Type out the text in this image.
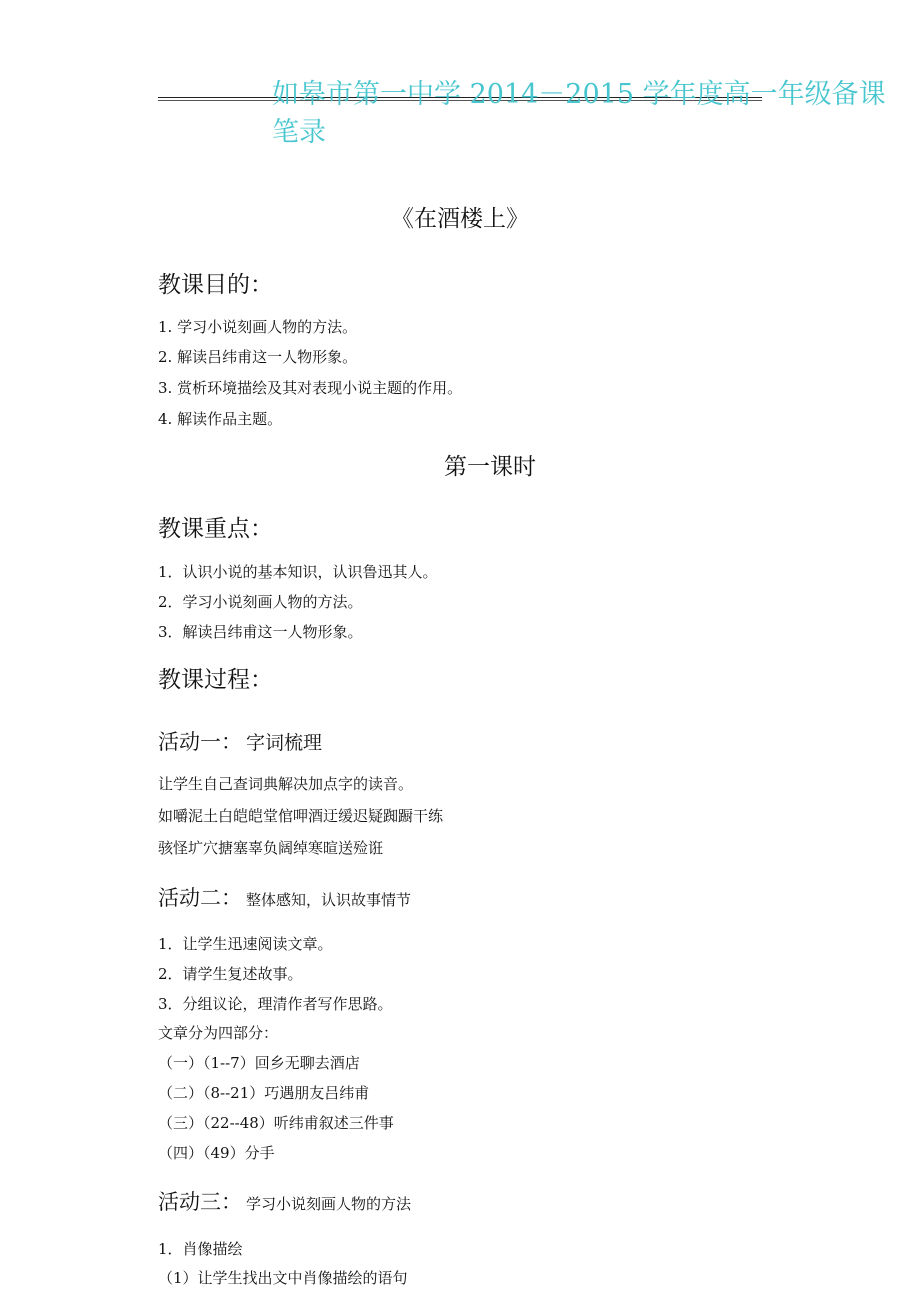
如皋市第一中学 2014－2015 学年度高一年级备课笔录
《在酒楼上》
教课目的：
1. 学习小说刻画人物的方法。
2. 解读吕纬甫这一人物形象。
3. 赏析环境描绘及其对表现小说主题的作用。
4. 解读作品主题。
第一课时
教课重点：
1．认识小说的基本知识，认识鲁迅其人。
2．学习小说刻画人物的方法。
3．解读吕纬甫这一人物形象。
教课过程：
活动一： 字词梳理
让学生自己查词典解决加点字的读音。
如嚼泥土白皑皑堂倌呷酒迂缓迟疑踟蹰干练
骇怪圹穴搪塞辜负阔绰寒暄送殓诳
活动二： 整体感知，认识故事情节
1．让学生迅速阅读文章。
2．请学生复述故事。
3．分组议论，理清作者写作思路。
文章分为四部分：
（一）（1--7）回乡无聊去酒店
（二）（8--21）巧遇朋友吕纬甫
（三）（22--48）听纬甫叙述三件事
（四）（49）分手
活动三： 学习小说刻画人物的方法
1．肖像描绘
（1）让学生找出文中肖像描绘的语句
